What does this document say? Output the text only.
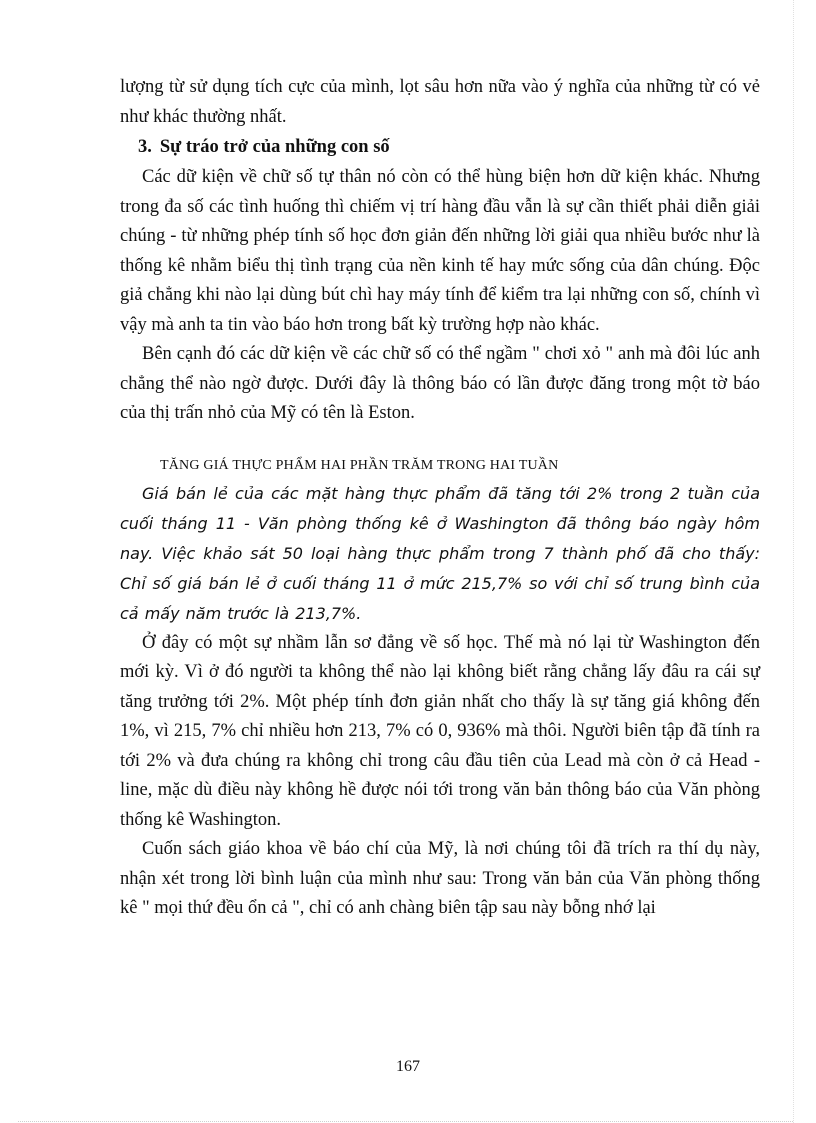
lượng từ sử dụng tích cực của mình, lọt sâu hơn nữa vào ý nghĩa của những từ có vẻ như khác thường nhất.

3. Sự tráo trở của những con số

Các dữ kiện về chữ số tự thân nó còn có thể hùng biện hơn dữ kiện khác. Nhưng trong đa số các tình huống thì chiếm vị trí hàng đầu vẫn là sự cần thiết phải diễn giải chúng - từ những phép tính số học đơn giản đến những lời giải qua nhiều bước như là thống kê nhằm biểu thị tình trạng của nền kinh tế hay mức sống của dân chúng. Độc giả chẳng khi nào lại dùng bút chì hay máy tính để kiểm tra lại những con số, chính vì vậy mà anh ta tin vào báo hơn trong bất kỳ trường hợp nào khác.

Bên cạnh đó các dữ kiện về các chữ số có thể ngầm " chơi xỏ " anh mà đôi lúc anh chẳng thể nào ngờ được. Dưới đây là thông báo có lần được đăng trong một tờ báo của thị trấn nhỏ của Mỹ có tên là Eston.

TĂNG GIÁ THỰC PHẨM HAI PHẦN TRĂM TRONG HAI TUẦN

Giá bán lẻ của các mặt hàng thực phẩm đã tăng tới 2% trong 2 tuần của cuối tháng 11 - Văn phòng thống kê ở Washington đã thông báo ngày hôm nay. Việc khảo sát 50 loại hàng thực phẩm trong 7 thành phố đã cho thấy: Chỉ số giá bán lẻ ở cuối tháng 11 ở mức 215,7% so với chỉ số trung bình của cả mấy năm trước là 213,7%.

Ở đây có một sự nhầm lẫn sơ đẳng về số học. Thế mà nó lại từ Washington đến mới kỳ. Vì ở đó người ta không thể nào lại không biết rằng chẳng lấy đâu ra cái sự tăng trưởng tới 2%. Một phép tính đơn giản nhất cho thấy là sự tăng giá không đến 1%, vì 215, 7% chỉ nhiều hơn 213, 7% có 0, 936% mà thôi. Người biên tập đã tính ra tới 2% và đưa chúng ra không chỉ trong câu đầu tiên của Lead mà còn ở cả Head - line, mặc dù điều này không hề được nói tới trong văn bản thông báo của Văn phòng thống kê Washington.

Cuốn sách giáo khoa về báo chí của Mỹ, là nơi chúng tôi đã trích ra thí dụ này, nhận xét trong lời bình luận của mình như sau: Trong văn bản của Văn phòng thống kê " mọi thứ đều ổn cả ", chỉ có anh chàng biên tập sau này bỗng nhớ lại

167
